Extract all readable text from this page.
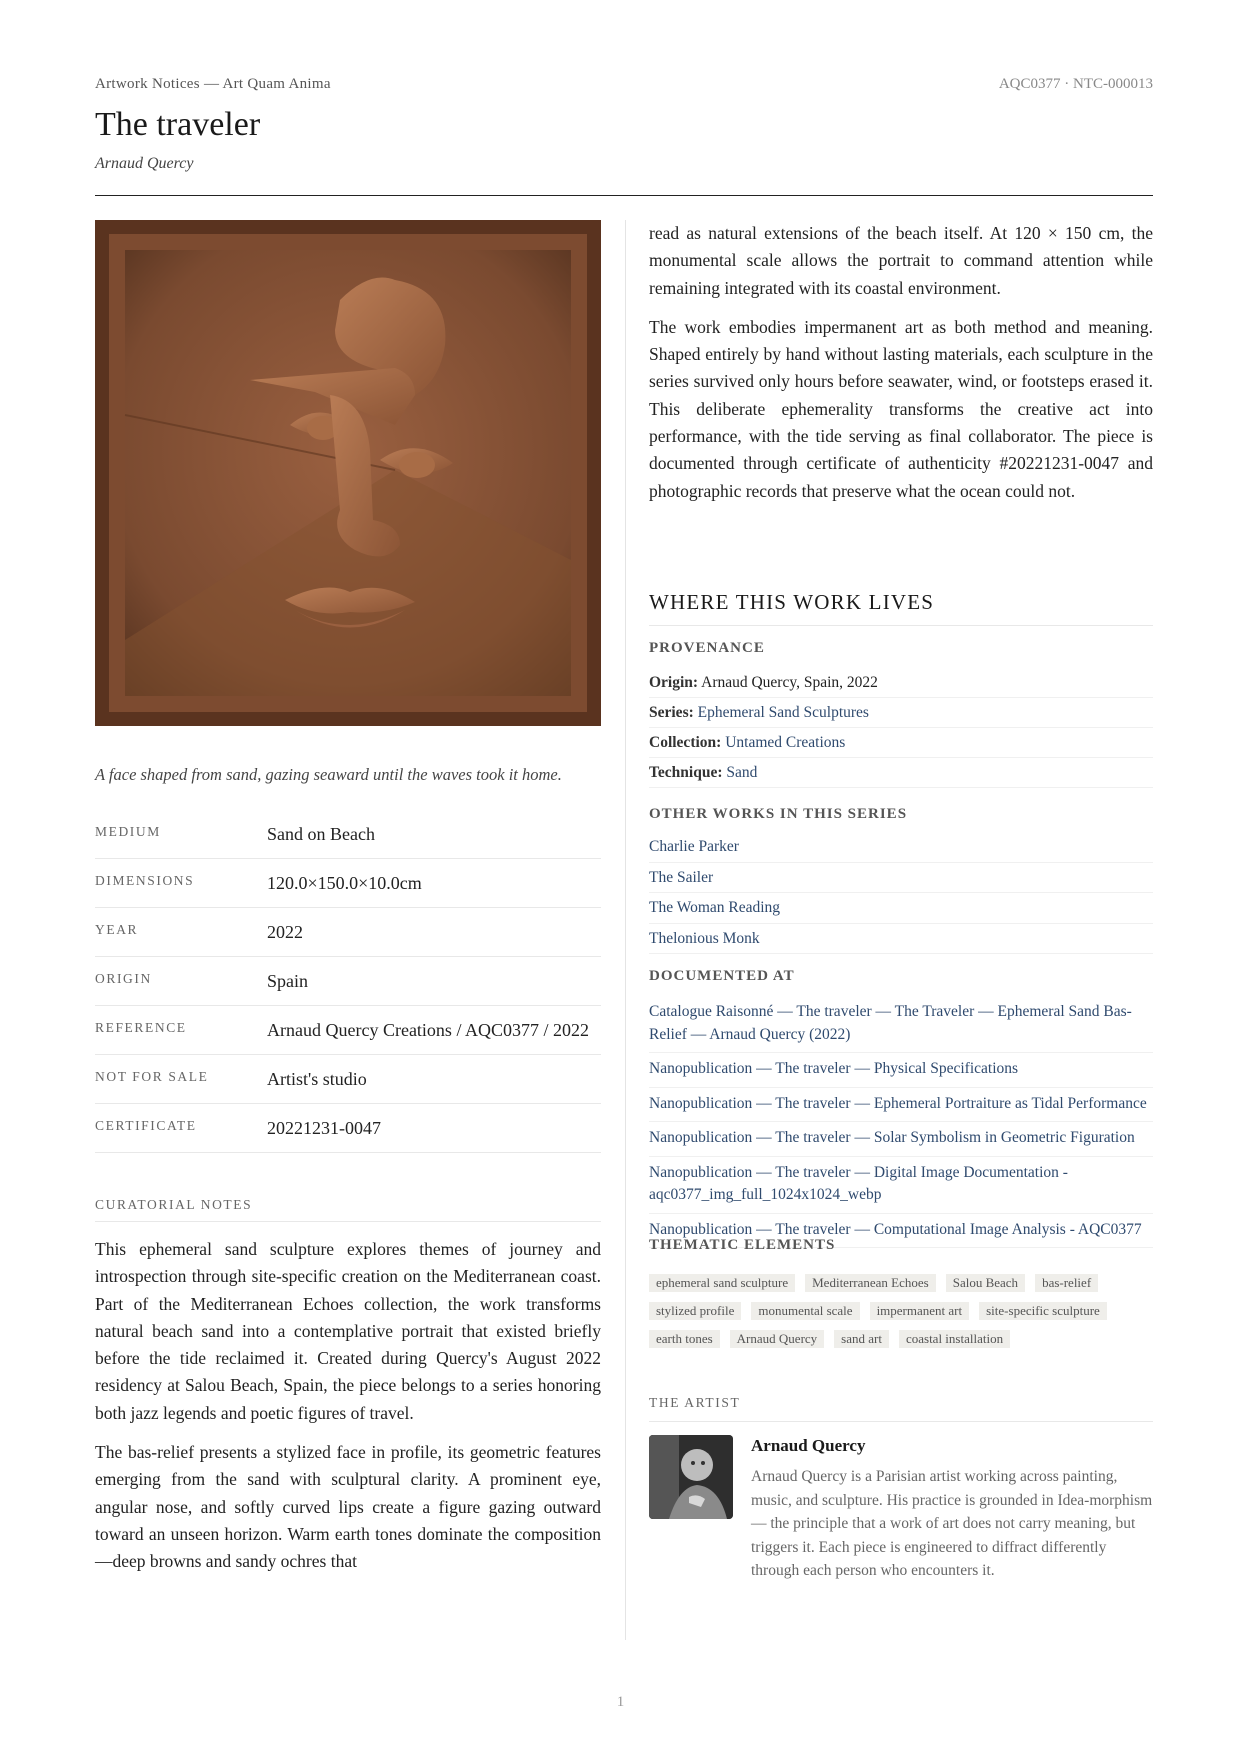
Artwork Notices — Art Quam Anima	AQC0377 · NTC-000013
The traveler
Arnaud Quercy
A face shaped from sand, gazing seaward until the waves took it home.
MEDIUM	Sand on Beach
DIMENSIONS	120.0×150.0×10.0cm
YEAR	2022
ORIGIN	Spain
REFERENCE	Arnaud Quercy Creations / AQC0377 / 2022
NOT FOR SALE	Artist's studio
CERTIFICATE	20221231-0047
CURATORIAL NOTES

This ephemeral sand sculpture explores themes of journey and introspection through site-specific creation on the Mediterranean coast. Part of the Mediterranean Echoes collection, the work transforms natural beach sand into a contemplative portrait that existed briefly before the tide reclaimed it. Created during Quercy's August 2022 residency at Salou Beach, Spain, the piece belongs to a series honoring both jazz legends and poetic figures of travel.

The bas-relief presents a stylized face in profile, its geometric features emerging from the sand with sculptural clarity. A prominent eye, angular nose, and softly curved lips create a figure gazing outward toward an unseen horizon. Warm earth tones dominate the composition—deep browns and sandy ochres that

read as natural extensions of the beach itself. At 120 × 150 cm, the monumental scale allows the portrait to command attention while remaining integrated with its coastal environment.

The work embodies impermanent art as both method and meaning. Shaped entirely by hand without lasting materials, each sculpture in the series survived only hours before seawater, wind, or footsteps erased it. This deliberate ephemerality transforms the creative act into performance, with the tide serving as final collaborator. The piece is documented through certificate of authenticity #20221231-0047 and photographic records that preserve what the ocean could not.

WHERE THIS WORK LIVES
PROVENANCE
Origin: Arnaud Quercy, Spain, 2022
Series: Ephemeral Sand Sculptures
Collection: Untamed Creations
Technique: Sand
OTHER WORKS IN THIS SERIES
Charlie Parker
The Sailer
The Woman Reading
Thelonious Monk
DOCUMENTED AT
Catalogue Raisonné — The traveler — The Traveler — Ephemeral Sand Bas-Relief — Arnaud Quercy (2022)
Nanopublication — The traveler — Physical Specifications
Nanopublication — The traveler — Ephemeral Portraiture as Tidal Performance
Nanopublication — The traveler — Solar Symbolism in Geometric Figuration
Nanopublication — The traveler — Digital Image Documentation - aqc0377_img_full_1024x1024_webp
Nanopublication — The traveler — Computational Image Analysis - AQC0377
THEMATIC ELEMENTS
ephemeral sand sculpture	Mediterranean Echoes	Salou Beach	bas-relief
stylized profile	monumental scale	impermanent art	site-specific sculpture
earth tones	Arnaud Quercy	sand art	coastal installation
THE ARTIST
Arnaud Quercy
Arnaud Quercy is a Parisian artist working across painting, music, and sculpture. His practice is grounded in Idea-morphism — the principle that a work of art does not carry meaning, but triggers it. Each piece is engineered to diffract differently through each person who encounters it.
1
